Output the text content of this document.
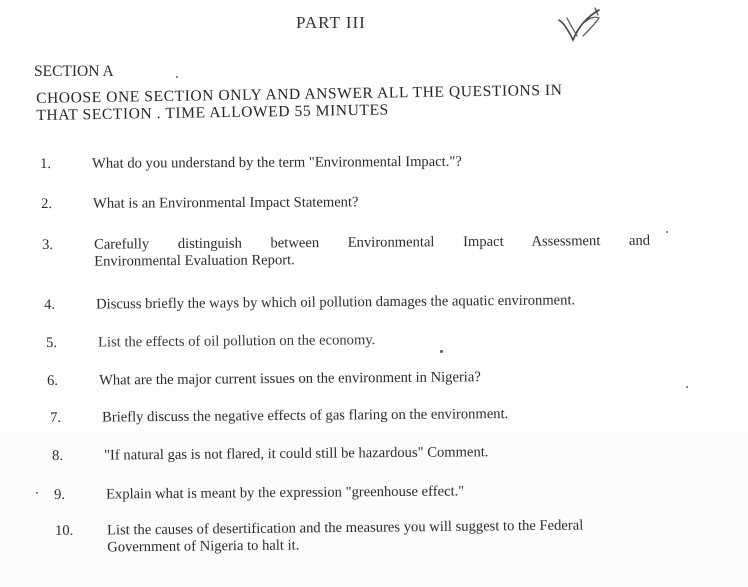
PART III
SECTION A
CHOOSE ONE SECTION ONLY AND ANSWER ALL THE QUESTIONS IN
THAT SECTION . TIME ALLOWED 55 MINUTES
1.	What do you understand by the term "Environmental Impact."?
2.	What is an Environmental Impact Statement?
3.	Carefully distinguish between Environmental Impact Assessment and
Environmental Evaluation Report.
4.	Discuss briefly the ways by which oil pollution damages the aquatic environment.
5.	List the effects of oil pollution on the economy.
6.	What are the major current issues on the environment in Nigeria?
7.	Briefly discuss the negative effects of gas flaring on the environment.
8.	"If natural gas is not flared, it could still be hazardous" Comment.
9.	Explain what is meant by the expression "greenhouse effect."
10.	List the causes of desertification and the measures you will suggest to the Federal
Government of Nigeria to halt it.
